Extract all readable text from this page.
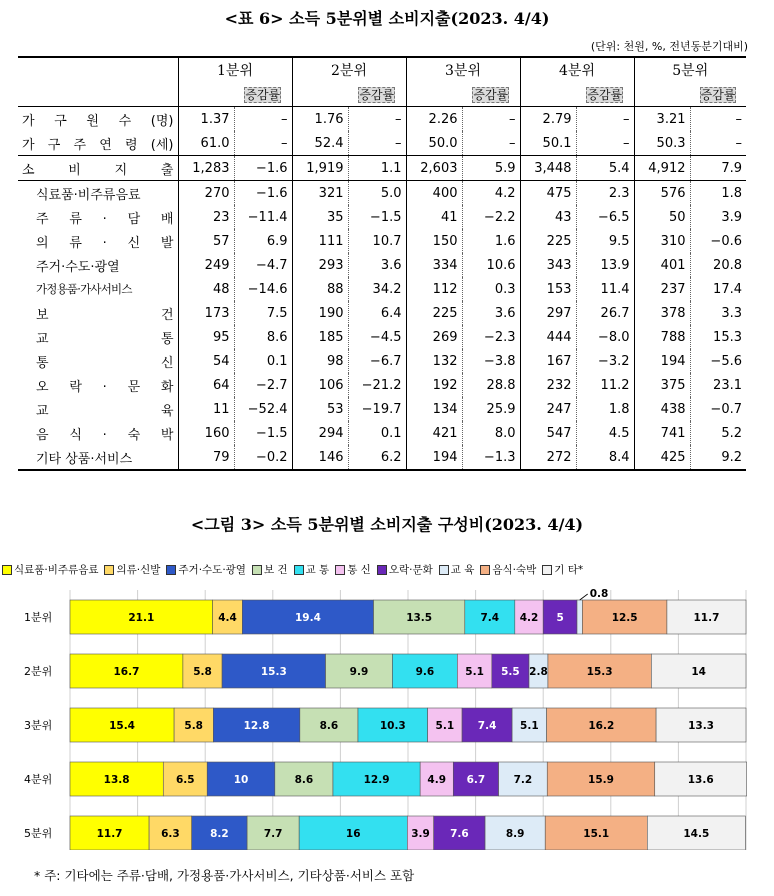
<표 6> 소득 5분위별 소비지출(2023. 4/4)
(단위: 천원, %, 전년동분기대비)
	1분위		2분위		3분위		4분위		5분위	
		증감률		증감률		증감률		증감률		증감률
가 구 원 수 (명)	1.37	–	1.76	–	2.26	–	2.79	–	3.21	–
가 구 주 연 령 (세)	61.0	–	52.4	–	50.0	–	50.1	–	50.3	–
소 비 지 출	1,283	−1.6	1,919	1.1	2,603	5.9	3,448	5.4	4,912	7.9
식료품·비주류음료	270	−1.6	321	5.0	400	4.2	475	2.3	576	1.8
주 류 · 담 배	23	−11.4	35	−1.5	41	−2.2	43	−6.5	50	3.9
의 류 · 신 발	57	6.9	111	10.7	150	1.6	225	9.5	310	−0.6
주거·수도·광열	249	−4.7	293	3.6	334	10.6	343	13.9	401	20.8
가정용품·가사서비스	48	−14.6	88	34.2	112	0.3	153	11.4	237	17.4
보 건	173	7.5	190	6.4	225	3.6	297	26.7	378	3.3
교 통	95	8.6	185	−4.5	269	−2.3	444	−8.0	788	15.3
통 신	54	0.1	98	−6.7	132	−3.8	167	−3.2	194	−5.6
오 락 · 문 화	64	−2.7	106	−21.2	192	28.8	232	11.2	375	23.1
교 육	11	−52.4	53	−19.7	134	25.9	247	1.8	438	−0.7
음 식 · 숙 박	160	−1.5	294	0.1	421	8.0	547	4.5	741	5.2
기타 상품·서비스	79	−0.2	146	6.2	194	−1.3	272	8.4	425	9.2
<그림 3> 소득 5분위별 소비지출 구성비(2023. 4/4)
식료품·비주류음료 의류·신발 주거·수도·광열 보 건 교 통 통 신 오락·문화 교 육 음식·숙박 기 타*
1분위	21.1	4.4	19.4	13.5	7.4 4.2 5	12.5	11.7
2분위	16.7	5.8	15.3	9.9	9.6	5.1 5.5 2.8	15.3	14
3분위	15.4	5.8	12.8	8.6	10.3	5.1 7.4 5.1	16.2	13.3
4분위	13.8	6.5	10	8.6	12.9	4.9 6.7	7.2	15.9	13.6
5분위	11.7	6.3	8.2	7.7	16	3.9 7.6	8.9	15.1	14.5
0.8
* 주: 기타에는 주류·담배, 가정용품·가사서비스, 기타상품·서비스 포함
